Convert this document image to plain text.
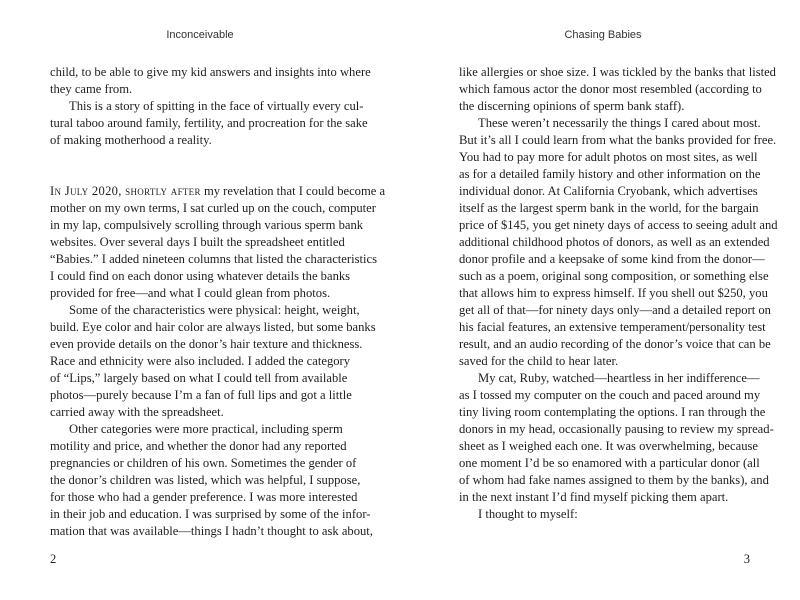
Inconceivable
child, to be able to give my kid answers and insights into where
they came from.
This is a story of spitting in the face of virtually every cul-
tural taboo around family, fertility, and procreation for the sake
of making motherhood a reality.
In July 2020, shortly after my revelation that I could become a
mother on my own terms, I sat curled up on the couch, computer
in my lap, compulsively scrolling through various sperm bank
websites. Over several days I built the spreadsheet entitled
“Babies.” I added nineteen columns that listed the characteristics
I could find on each donor using whatever details the banks
provided for free—and what I could glean from photos.
Some of the characteristics were physical: height, weight,
build. Eye color and hair color are always listed, but some banks
even provide details on the donor’s hair texture and thickness.
Race and ethnicity were also included. I added the category
of “Lips,” largely based on what I could tell from available
photos—purely because I’m a fan of full lips and got a little
carried away with the spreadsheet.
Other categories were more practical, including sperm
motility and price, and whether the donor had any reported
pregnancies or children of his own. Sometimes the gender of
the donor’s children was listed, which was helpful, I suppose,
for those who had a gender preference. I was more interested
in their job and education. I was surprised by some of the infor-
mation that was available—things I hadn’t thought to ask about,
2
Chasing Babies
like allergies or shoe size. I was tickled by the banks that listed
which famous actor the donor most resembled (according to
the discerning opinions of sperm bank staff).
These weren’t necessarily the things I cared about most.
But it’s all I could learn from what the banks provided for free.
You had to pay more for adult photos on most sites, as well
as for a detailed family history and other information on the
individual donor. At California Cryobank, which advertises
itself as the largest sperm bank in the world, for the bargain
price of $145, you get ninety days of access to seeing adult and
additional childhood photos of donors, as well as an extended
donor profile and a keepsake of some kind from the donor—
such as a poem, original song composition, or something else
that allows him to express himself. If you shell out $250, you
get all of that—for ninety days only—and a detailed report on
his facial features, an extensive temperament/personality test
result, and an audio recording of the donor’s voice that can be
saved for the child to hear later.
My cat, Ruby, watched—heartless in her indifference—
as I tossed my computer on the couch and paced around my
tiny living room contemplating the options. I ran through the
donors in my head, occasionally pausing to review my spread-
sheet as I weighed each one. It was overwhelming, because
one moment I’d be so enamored with a particular donor (all
of whom had fake names assigned to them by the banks), and
in the next instant I’d find myself picking them apart.
I thought to myself:
3
